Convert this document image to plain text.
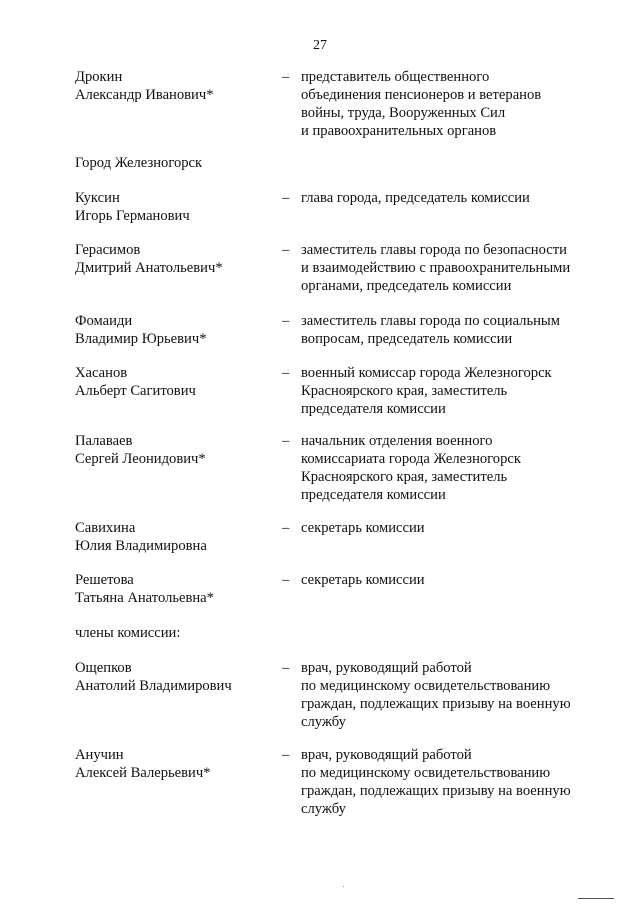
27
Дрокин
Александр Иванович*
– представитель общественного
объединения пенсионеров и ветеранов
войны, труда, Вооруженных Сил
и правоохранительных органов
Город Железногорск
Куксин
Игорь Германович
– глава города, председатель комиссии
Герасимов
Дмитрий Анатольевич*
– заместитель главы города по безопасности
и взаимодействию с правоохранительными
органами, председатель комиссии
Фомаиди
Владимир Юрьевич*
– заместитель главы города по социальным
вопросам, председатель комиссии
Хасанов
Альберт Сагитович
– военный комиссар города Железногорск
Красноярского края, заместитель
председателя комиссии
Палаваев
Сергей Леонидович*
– начальник отделения военного
комиссариата города Железногорск
Красноярского края, заместитель
председателя комиссии
Савихина
Юлия Владимировна
– секретарь комиссии
Решетова
Татьяна Анатольевна*
– секретарь комиссии
члены комиссии:
Ощепков
Анатолий Владимирович
– врач, руководящий работой
по медицинскому освидетельствованию
граждан, подлежащих призыву на военную
службу
Анучин
Алексей Валерьевич*
– врач, руководящий работой
по медицинскому освидетельствованию
граждан, подлежащих призыву на военную
службу
